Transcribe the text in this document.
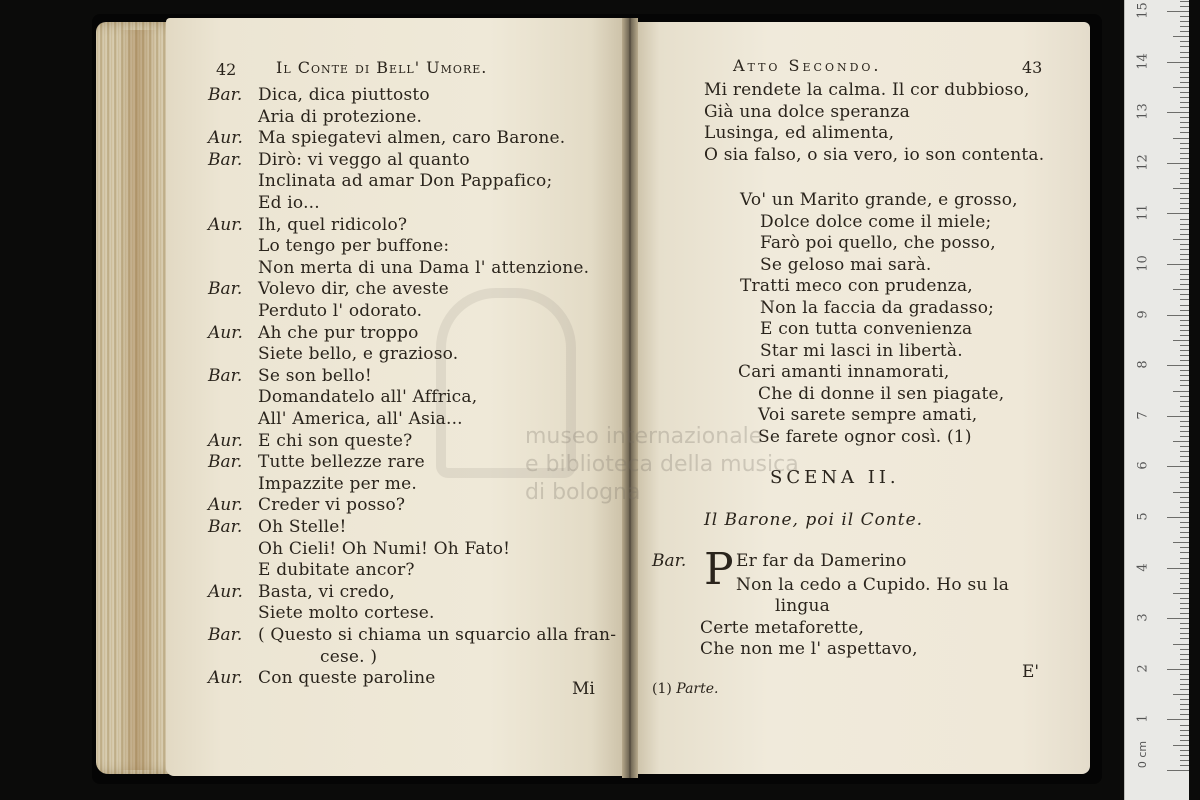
museo internazionale
e biblioteca della musica
di bologna
42 Il Conte di Bell' Umore.
Bar. Dica, dica piuttosto
Aria di protezione.
Aur. Ma spiegatevi almen, caro Barone.
Bar. Dirò: vi veggo al quanto
Inclinata ad amar Don Pappafico;
Ed io...
Aur. Ih, quel ridicolo?
Lo tengo per buffone:
Non merta di una Dama l' attenzione.
Bar. Volevo dir, che aveste
Perduto l' odorato.
Aur. Ah che pur troppo
Siete bello, e grazioso.
Bar. Se son bello!
Domandatelo all' Affrica,
All' America, all' Asia...
Aur. E chi son queste?
Bar. Tutte bellezze rare
Impazzite per me.
Aur. Creder vi posso?
Bar. Oh Stelle!
Oh Cieli! Oh Numi! Oh Fato!
E dubitate ancor?
Aur. Basta, vi credo,
Siete molto cortese.
Bar. ( Questo si chiama un squarcio alla fran-
cese. )
Aur. Con queste paroline
Mi
Atto Secondo.	43
Mi rendete la calma. Il cor dubbioso,
Già una dolce speranza
Lusinga, ed alimenta,
O sia falso, o sia vero, io son contenta.
Vo' un Marito grande, e grosso,
Dolce dolce come il miele;
Farò poi quello, che posso,
Se geloso mai sarà.
Tratti meco con prudenza,
Non la faccia da gradasso;
E con tutta convenienza
Star mi lasci in libertà.
Cari amanti innamorati,
Che di donne il sen piagate,
Voi sarete sempre amati,
Se farete ognor così. (1)
SCENA II.
Il Barone, poi il Conte.
Bar. P Er far da Damerino
Non la cedo a Cupido. Ho su la
lingua
Certe metaforette,
Che non me l' aspettavo,
E'
(1) Parte.
1
2
3
4
5
6
7
8
9
10
11
12
13
14
15
0 cm
